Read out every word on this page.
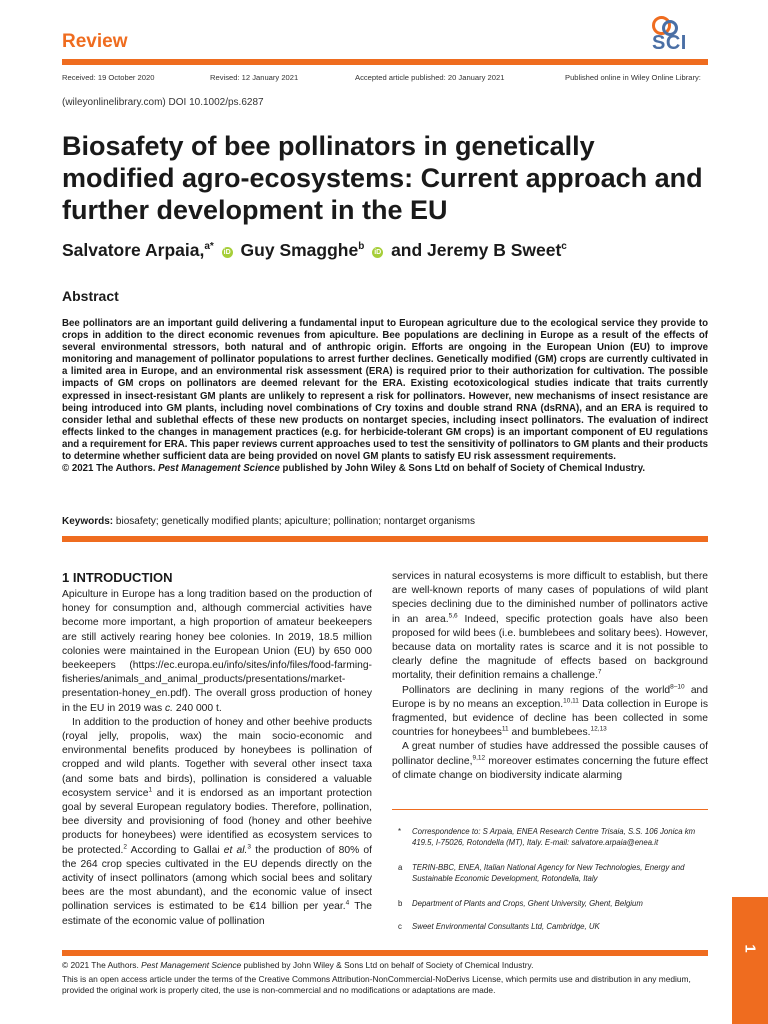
Review	SCI
Received: 19 October 2020	Revised: 12 January 2021	Accepted article published: 20 January 2021	Published online in Wiley Online Library:
(wileyonlinelibrary.com) DOI 10.1002/ps.6287
Biosafety of bee pollinators in genetically modified agro-ecosystems: Current approach and further development in the EU
Salvatore Arpaia,$^{a*}$ iD Guy Smagghe$^b$ iD and Jeremy B Sweet$^c$
Abstract
Bee pollinators are an important guild delivering a fundamental input to European agriculture due to the ecological service they provide to crops in addition to the direct economic revenues from apiculture. Bee populations are declining in Europe as a result of the effects of several environmental stressors, both natural and of anthropic origin. Efforts are ongoing in the European Union (EU) to improve monitoring and management of pollinator populations to arrest further declines. Genetically modified (GM) crops are currently cultivated in a limited area in Europe, and an environmental risk assessment (ERA) is required prior to their authorization for cultivation. The possible impacts of GM crops on pollinators are deemed relevant for the ERA. Existing ecotoxicological studies indicate that traits currently expressed in insect-resistant GM plants are unlikely to represent a risk for pollinators. However, new mechanisms of insect resistance are being introduced into GM plants, including novel combinations of Cry toxins and double strand RNA (dsRNA), and an ERA is required to consider lethal and sublethal effects of these new products on nontarget species, including insect pollinators. The evaluation of indirect effects linked to the changes in management practices (e.g. for herbicide-tolerant GM crops) is an important component of EU regulations and a requirement for ERA. This paper reviews current approaches used to test the sensitivity of pollinators to GM plants and their products to determine whether sufficient data are being provided on novel GM plants to satisfy EU risk assessment requirements.
© 2021 The Authors. Pest Management Science published by John Wiley & Sons Ltd on behalf of Society of Chemical Industry.
Keywords: biosafety; genetically modified plants; apiculture; pollination; nontarget organisms
1 INTRODUCTION

Apiculture in Europe has a long tradition based on the production of honey for consumption and, although commercial activities have become more important, a high proportion of amateur beekeepers are still actively rearing honey bee colonies. In 2019, 18.5 million colonies were maintained in the European Union (EU) by 650 000 beekeepers (https://ec.europa.eu/info/sites/info/files/food-farming-fisheries/animals_and_animal_products/presentations/market-presentation-honey_en.pdf). The overall gross production of honey in the EU in 2019 was c. 240 000 t.

In addition to the production of honey and other beehive products (royal jelly, propolis, wax) the main socio-economic and environmental benefits produced by honeybees is pollination of cropped and wild plants. Together with several other insect taxa (and some bats and birds), pollination is considered a valuable ecosystem service$^1$ and it is endorsed as an important protection goal by several European regulatory bodies. Therefore, pollination, bee diversity and provisioning of food (honey and other beehive products for honeybees) were identified as ecosystem services to be protected.$^2$ According to Gallai et al.$^3$ the production of 80% of the 264 crop species cultivated in the EU depends directly on the activity of insect pollinators (among which social bees and solitary bees are the most abundant), and the economic value of insect pollination services is estimated to be €14 billion per year.$^4$ The estimate of the economic value of pollination

services in natural ecosystems is more difficult to establish, but there are well-known reports of many cases of populations of wild plant species declining due to the diminished number of pollinators active in an area.$^{5,6}$ Indeed, specific protection goals have also been proposed for wild bees (i.e. bumblebees and solitary bees). However, because data on mortality rates is scarce and it is not possible to clearly define the magnitude of effects based on background mortality, their definition remains a challenge.$^7$

Pollinators are declining in many regions of the world$^{8-10}$ and Europe is by no means an exception.$^{10,11}$ Data collection in Europe is fragmented, but evidence of decline has been collected in some countries for honeybees$^{11}$ and bumblebees.$^{12,13}$

A great number of studies have addressed the possible causes of pollinator decline,$^{9,12}$ moreover estimates concerning the future effect of climate change on biodiversity indicate alarming

* Correspondence to: S Arpaia, ENEA Research Centre Trisaia, S.S. 106 Jonica km 419.5, I-75026, Rotondella (MT), Italy. E-mail: salvatore.arpaia@enea.it
a TERIN-BBC, ENEA, Italian National Agency for New Technologies, Energy and Sustainable Economic Development, Rotondella, Italy
b Department of Plants and Crops, Ghent University, Ghent, Belgium
c Sweet Environmental Consultants Ltd, Cambridge, UK
© 2021 The Authors. Pest Management Science published by John Wiley & Sons Ltd on behalf of Society of Chemical Industry.
This is an open access article under the terms of the Creative Commons Attribution-NonCommercial-NoDerivs License, which permits use and distribution in any medium, provided the original work is properly cited, the use is non-commercial and no modifications or adaptations are made.
1
